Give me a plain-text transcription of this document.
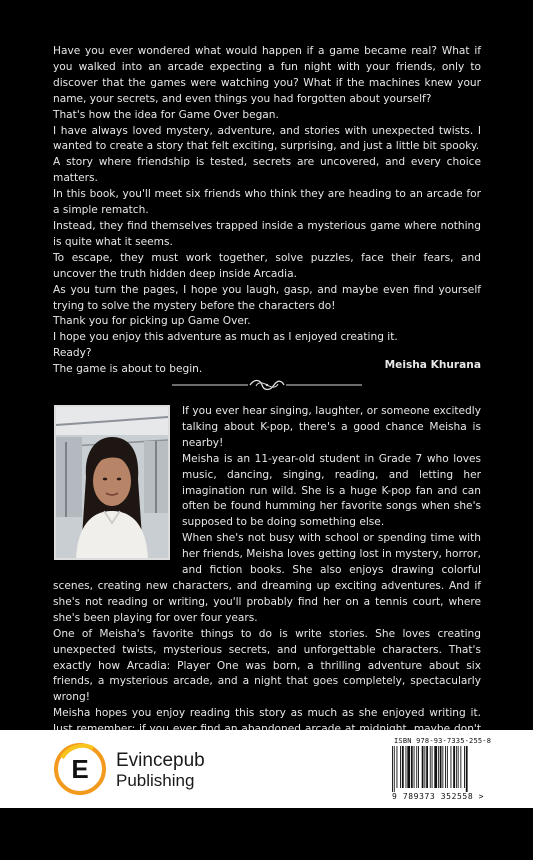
Have you ever wondered what would happen if a game became real? What if you walked into an arcade expecting a fun night with your friends, only to discover that the games were watching you? What if the machines knew your name, your secrets, and even things you had forgotten about yourself?

That's how the idea for Game Over began.

I have always loved mystery, adventure, and stories with unexpected twists. I wanted to create a story that felt exciting, surprising, and just a little bit spooky.

A story where friendship is tested, secrets are uncovered, and every choice matters.

In this book, you'll meet six friends who think they are heading to an arcade for a simple rematch.

Instead, they find themselves trapped inside a mysterious game where nothing is quite what it seems.

To escape, they must work together, solve puzzles, face their fears, and uncover the truth hidden deep inside Arcadia.

As you turn the pages, I hope you laugh, gasp, and maybe even find yourself trying to solve the mystery before the characters do!

Thank you for picking up Game Over.

I hope you enjoy this adventure as much as I enjoyed creating it.

Ready?

The game is about to begin.	Meisha Khurana

If you ever hear singing, laughter, or someone excitedly talking about K-pop, there's a good chance Meisha is nearby!

Meisha is an 11-year-old student in Grade 7 who loves music, dancing, singing, reading, and letting her imagination run wild. She is a huge K-pop fan and can often be found humming her favorite songs when she's supposed to be doing something else.

When she's not busy with school or spending time with her friends, Meisha loves getting lost in mystery, horror, and fiction books. She also enjoys drawing colorful scenes, creating new characters, and dreaming up exciting adventures. And if she's not reading or writing, you'll probably find her on a tennis court, where she's been playing for over four years.

One of Meisha's favorite things to do is write stories. She loves creating unexpected twists, mysterious secrets, and unforgettable characters. That's exactly how Arcadia: Player One was born, a thrilling adventure about six friends, a mysterious arcade, and a night that goes completely, spectacularly wrong!

Meisha hopes you enjoy reading this story as much as she enjoyed writing it.

E Evincepub
Publishing
ISBN 978-93-7335-255-8
9 789373 352558 >
